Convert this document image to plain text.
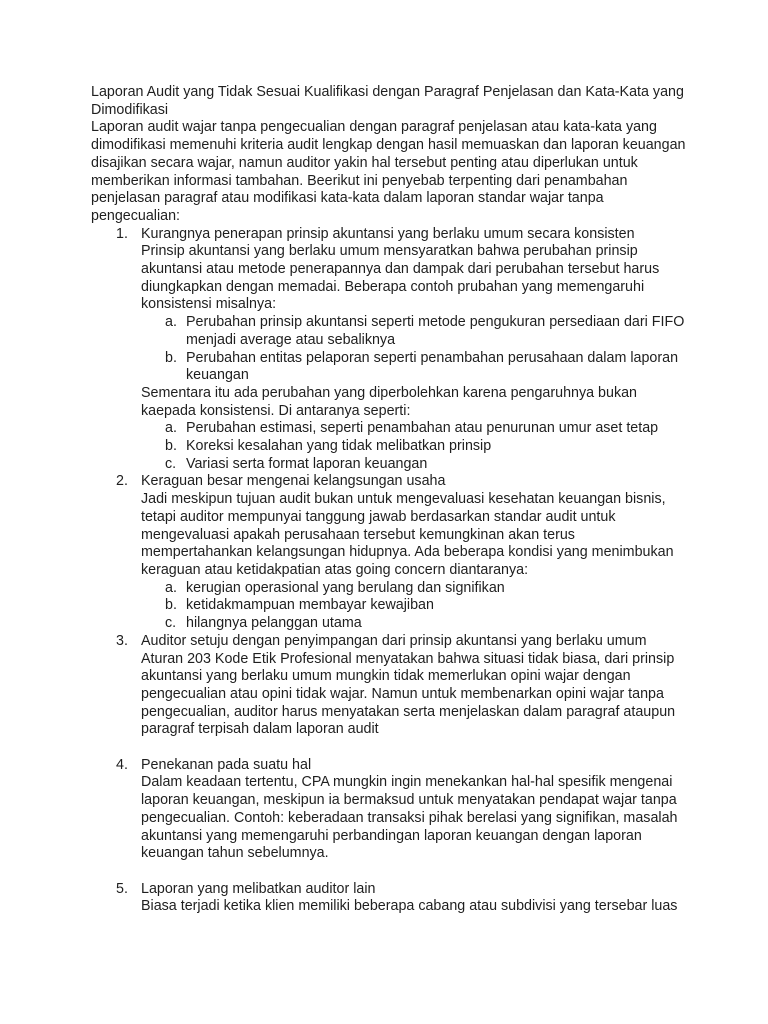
Laporan Audit yang Tidak Sesuai Kualifikasi dengan Paragraf Penjelasan dan Kata-Kata yang Dimodifikasi

Laporan audit wajar tanpa pengecualian dengan paragraf penjelasan atau kata-kata yang dimodifikasi memenuhi kriteria audit lengkap dengan hasil memuaskan dan laporan keuangan disajikan secara wajar, namun auditor yakin hal tersebut penting atau diperlukan untuk memberikan informasi tambahan. Beerikut ini penyebab terpenting dari penambahan penjelasan paragraf atau modifikasi kata-kata dalam laporan standar wajar tanpa pengecualian:

1. Kurangnya penerapan prinsip akuntansi yang berlaku umum secara konsisten
Prinsip akuntansi yang berlaku umum mensyaratkan bahwa perubahan prinsip akuntansi atau metode penerapannya dan dampak dari perubahan tersebut harus diungkapkan dengan memadai. Beberapa contoh prubahan yang memengaruhi konsistensi misalnya:
a. Perubahan prinsip akuntansi seperti metode pengukuran persediaan dari FIFO menjadi average atau sebaliknya
b. Perubahan entitas pelaporan seperti penambahan perusahaan dalam laporan keuangan
Sementara itu ada perubahan yang diperbolehkan karena pengaruhnya bukan kaepada konsistensi. Di antaranya seperti:
a. Perubahan estimasi, seperti penambahan atau penurunan umur aset tetap
b. Koreksi kesalahan yang tidak melibatkan prinsip
c. Variasi serta format laporan keuangan
2. Keraguan besar mengenai kelangsungan usaha
Jadi meskipun tujuan audit bukan untuk mengevaluasi kesehatan keuangan bisnis, tetapi auditor mempunyai tanggung jawab berdasarkan standar audit untuk mengevaluasi apakah perusahaan tersebut kemungkinan akan terus mempertahankan kelangsungan hidupnya. Ada beberapa kondisi yang menimbukan keraguan atau ketidakpatian atas going concern diantaranya:
a. kerugian operasional yang berulang dan signifikan
b. ketidakmampuan membayar kewajiban
c. hilangnya pelanggan utama
3. Auditor setuju dengan penyimpangan dari prinsip akuntansi yang berlaku umum
Aturan 203 Kode Etik Profesional menyatakan bahwa situasi tidak biasa, dari prinsip akuntansi yang berlaku umum mungkin tidak memerlukan opini wajar dengan pengecualian atau opini tidak wajar. Namun untuk membenarkan opini wajar tanpa pengecualian, auditor harus menyatakan serta menjelaskan dalam paragraf ataupun paragraf terpisah dalam laporan audit
4. Penekanan pada suatu hal
Dalam keadaan tertentu, CPA mungkin ingin menekankan hal-hal spesifik mengenai laporan keuangan, meskipun ia bermaksud untuk menyatakan pendapat wajar tanpa pengecualian. Contoh: keberadaan transaksi pihak berelasi yang signifikan, masalah akuntansi yang memengaruhi perbandingan laporan keuangan dengan laporan keuangan tahun sebelumnya.
5. Laporan yang melibatkan auditor lain
Biasa terjadi ketika klien memiliki beberapa cabang atau subdivisi yang tersebar luas
